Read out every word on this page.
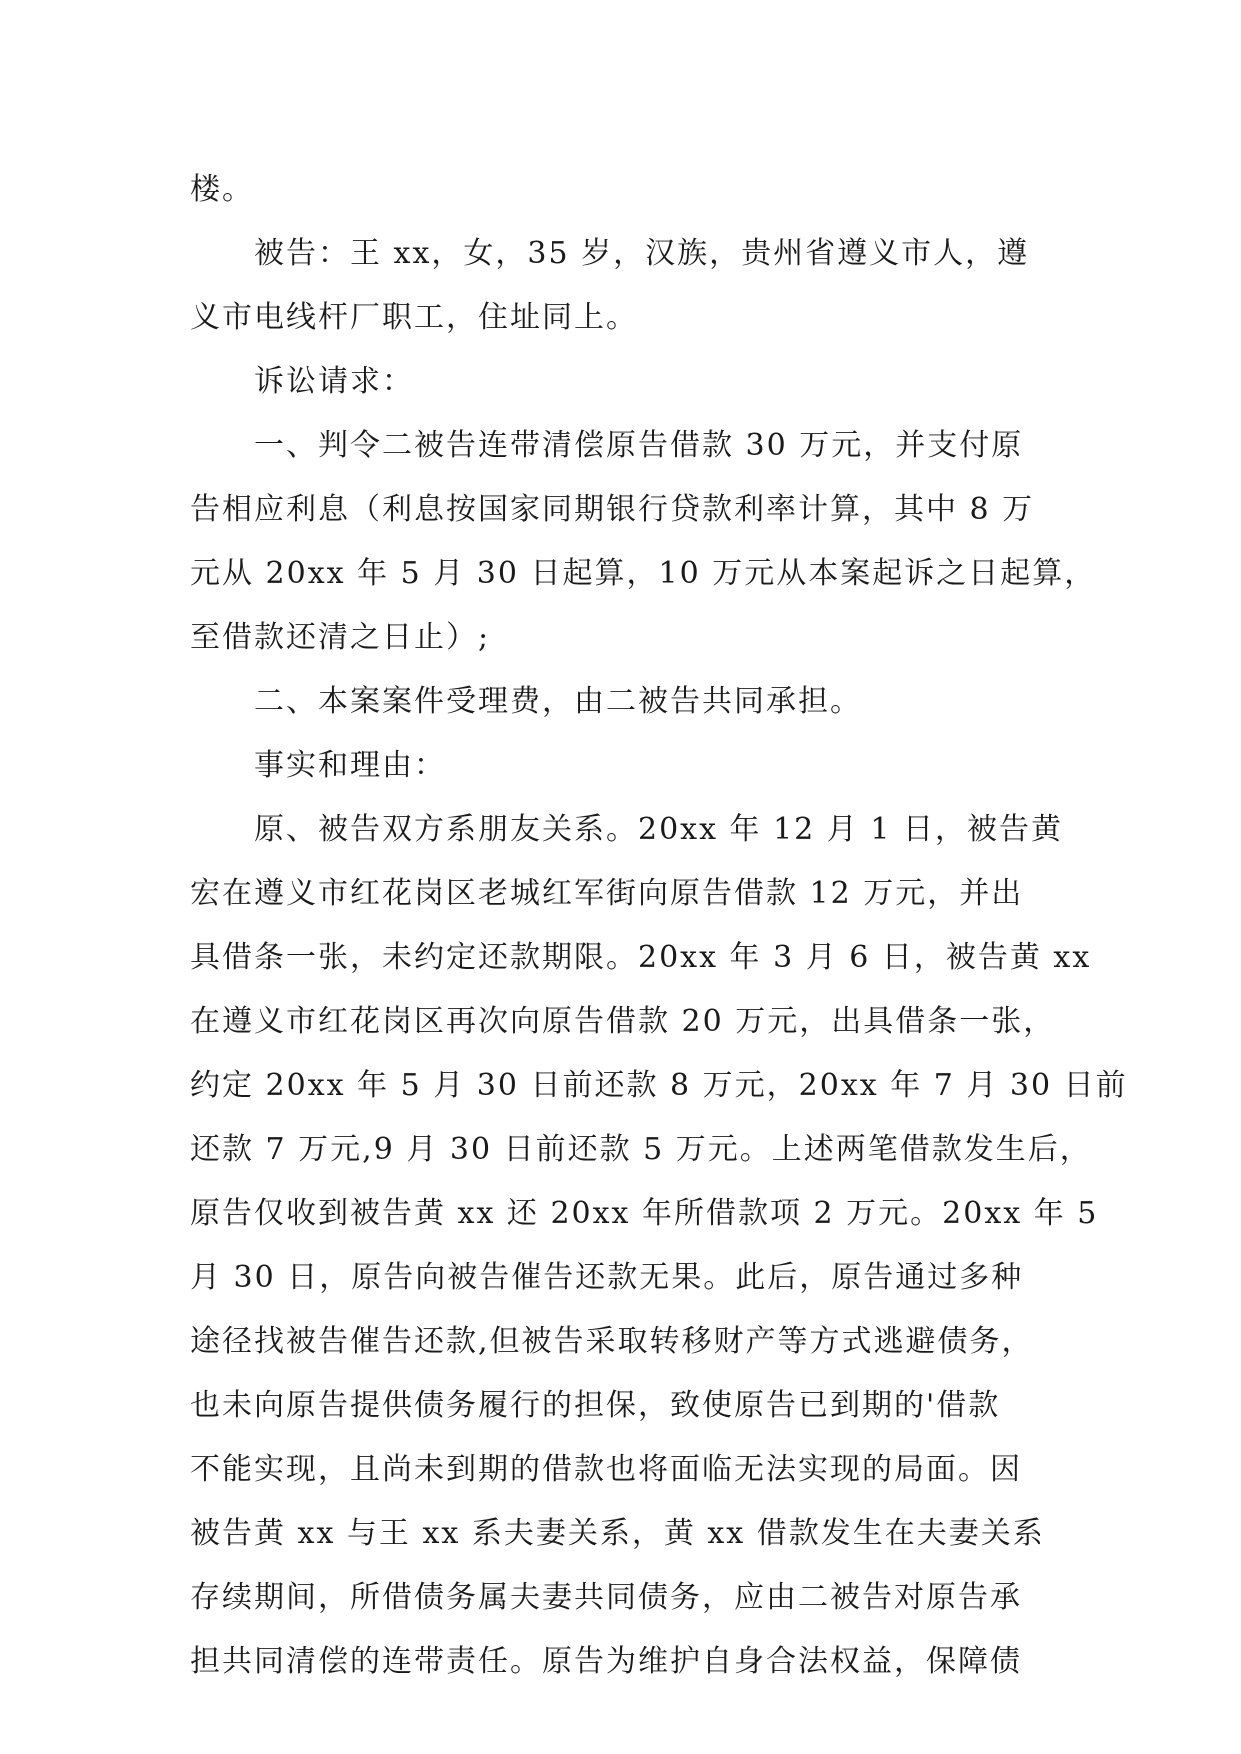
楼。
被告：王 xx，女，35 岁，汉族，贵州省遵义市人，遵
义市电线杆厂职工，住址同上。
诉讼请求：
一、判令二被告连带清偿原告借款 30 万元，并支付原
告相应利息（利息按国家同期银行贷款利率计算，其中 8 万
元从 20xx 年 5 月 30 日起算，10 万元从本案起诉之日起算，
至借款还清之日止）;
二、本案案件受理费，由二被告共同承担。
事实和理由：
原、被告双方系朋友关系。20xx 年 12 月 1 日，被告黄
宏在遵义市红花岗区老城红军街向原告借款 12 万元，并出
具借条一张，未约定还款期限。20xx 年 3 月 6 日，被告黄 xx
在遵义市红花岗区再次向原告借款 20 万元，出具借条一张，
约定 20xx 年 5 月 30 日前还款 8 万元，20xx 年 7 月 30 日前
还款 7 万元,9 月 30 日前还款 5 万元。上述两笔借款发生后，
原告仅收到被告黄 xx 还 20xx 年所借款项 2 万元。20xx 年 5
月 30 日，原告向被告催告还款无果。此后，原告通过多种
途径找被告催告还款,但被告采取转移财产等方式逃避债务，
也未向原告提供债务履行的担保，致使原告已到期的'借款
不能实现，且尚未到期的借款也将面临无法实现的局面。因
被告黄 xx 与王 xx 系夫妻关系，黄 xx 借款发生在夫妻关系
存续期间，所借债务属夫妻共同债务，应由二被告对原告承
担共同清偿的连带责任。原告为维护自身合法权益，保障债
